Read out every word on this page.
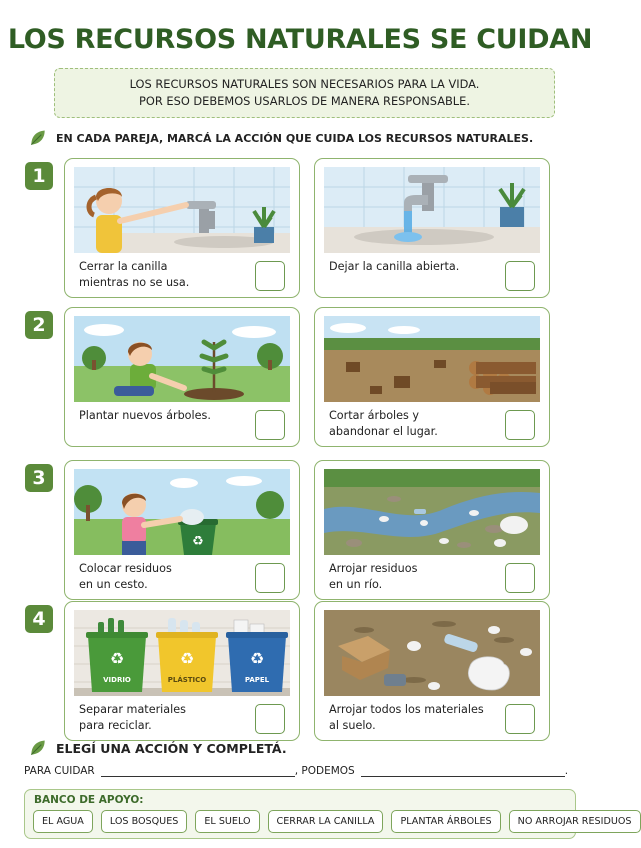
LOS RECURSOS NATURALES SE CUIDAN
LOS RECURSOS NATURALES SON NECESARIOS PARA LA VIDA.
POR ESO DEBEMOS USARLOS DE MANERA RESPONSABLE.
EN CADA PAREJA, MARCÁ LA ACCIÓN QUE CUIDA LOS RECURSOS NATURALES.
1
Cerrar la canilla
mientras no se usa.
Dejar la canilla abierta.
2
Plantar nuevos árboles.	Cortar árboles y
abandonar el lugar.
3
♻
Colocar residuos
en un cesto.
Arrojar residuos
en un río.
4
♻	♻	♻
VIDRIO	PLÁSTICO	PAPEL
Separar materiales
para reciclar.
Arrojar todos los materiales
al suelo.
ELEGÍ UNA ACCIÓN Y COMPLETÁ.
PARA CUIDAR	, PODEMOS	.
BANCO DE APOYO:
EL AGUA	LOS BOSQUES	EL SUELO	CERRAR LA CANILLA	PLANTAR ÁRBOLES	NO ARROJAR RESIDUOS
